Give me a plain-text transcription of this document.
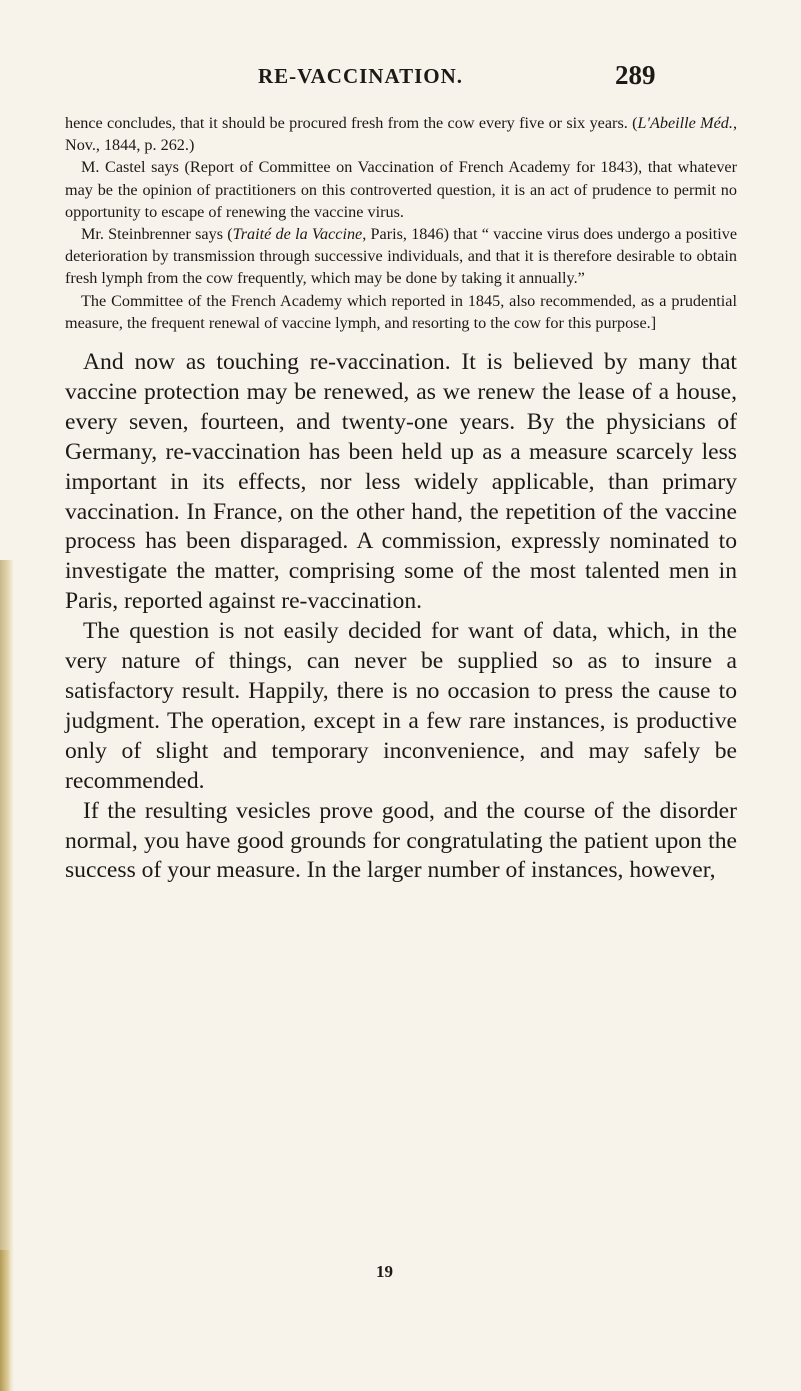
RE-VACCINATION.	289

hence concludes, that it should be procured fresh from the cow every five or six years. (L'Abeille Méd., Nov., 1844, p. 262.)

M. Castel says (Report of Committee on Vaccination of French Academy for 1843), that whatever may be the opinion of practitioners on this controverted question, it is an act of prudence to permit no opportunity to escape of renewing the vaccine virus.

Mr. Steinbrenner says (Traité de la Vaccine, Paris, 1846) that “ vaccine virus does undergo a positive deterioration by transmission through successive individuals, and that it is therefore desirable to obtain fresh lymph from the cow frequently, which may be done by taking it annually.”

The Committee of the French Academy which reported in 1845, also recommended, as a prudential measure, the frequent renewal of vaccine lymph, and resorting to the cow for this purpose.]

And now as touching re-vaccination. It is believed by many that vaccine protection may be renewed, as we renew the lease of a house, every seven, fourteen, and twenty-one years. By the physicians of Germany, re-vaccination has been held up as a measure scarcely less important in its effects, nor less widely applicable, than primary vaccination. In France, on the other hand, the repetition of the vaccine process has been disparaged. A commission, expressly nominated to investigate the matter, comprising some of the most talented men in Paris, reported against re-vaccination.

The question is not easily decided for want of data, which, in the very nature of things, can never be supplied so as to insure a satisfactory result. Happily, there is no occasion to press the cause to judgment. The operation, except in a few rare instances, is productive only of slight and temporary inconvenience, and may safely be recommended.

If the resulting vesicles prove good, and the course of the disorder normal, you have good grounds for congratulating the patient upon the success of your measure. In the larger number of instances, however,

19
